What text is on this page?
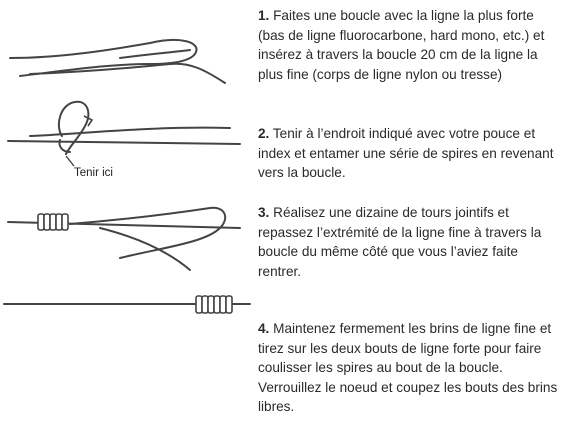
Tenir ici
1. Faites une boucle avec la ligne la plus forte (bas de ligne fluorocarbone, hard mono, etc.) et insérez à travers la boucle 20 cm de la ligne la plus fine (corps de ligne nylon ou tresse)
2. Tenir à l’endroit indiqué avec votre pouce et index et entamer une série de spires en revenant vers la boucle.
3. Réalisez une dizaine de tours jointifs et repassez l’extrémité de la ligne fine à travers la boucle du même côté que vous l’aviez faite rentrer.
4. Maintenez fermement les brins de ligne fine et tirez sur les deux bouts de ligne forte pour faire coulisser les spires au bout de la boucle. Verrouillez le noeud et coupez les bouts des brins libres.
